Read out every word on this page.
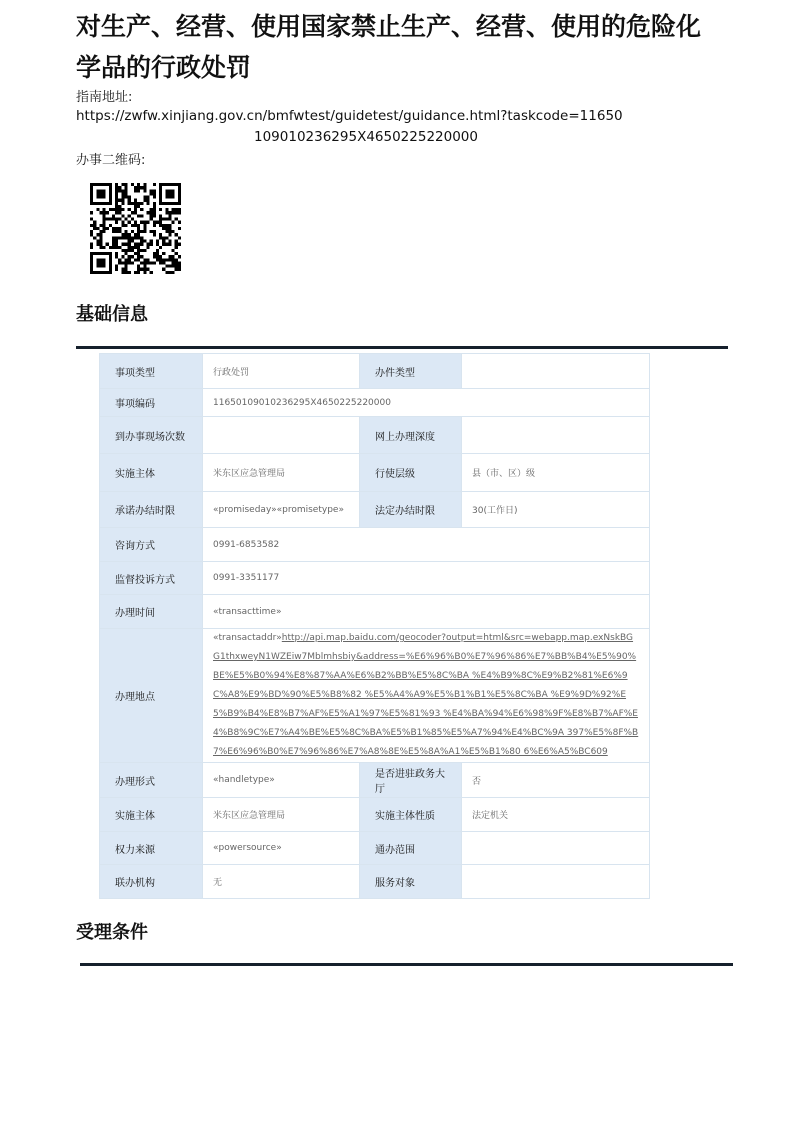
对生产、经营、使用国家禁止生产、经营、使用的危险化学品的行政处罚
指南地址:
https://zwfw.xinjiang.gov.cn/bmfwtest/guidetest/guidance.html?taskcode=11650
109010236295X4650225220000
办事二维码:
基础信息
事项类型	行政处罚	办件类型	
事项编码	11650109010236295X4650225220000		
到办事现场次数		网上办理深度	
实施主体	米东区应急管理局	行使层级	县（市、区）级
承诺办结时限	«promiseday»«promisetype»	法定办结时限	30(工作日)
咨询方式	0991-6853582		
监督投诉方式	0991-3351177		
办理时间	«transacttime»		
办理地点	«transactaddr»http://api.map.baidu.com/geocoder?output=html&src=webapp.map.exNskBGG1thxweyN1WZEiw7Mblmhsbiy&address=%E6%96%B0%E7%96%86%E7%BB%B4%E5%90%BE%E5%B0%94%E8%87%AA%E6%B2%BB%E5%8C%BA %E4%B9%8C%E9%B2%81%E6%9C%A8%E9%BD%90%E5%B8%82 %E5%A4%A9%E5%B1%B1%E5%8C%BA %E9%9D%92%E5%B9%B4%E8%B7%AF%E5%A1%97%E5%81%93 %E4%BA%94%E6%98%9F%E8%B7%AF%E4%B8%9C%E7%A4%BE%E5%8C%BA%E5%B1%85%E5%A7%94%E4%BC%9A 397%E5%8F%B7%E6%96%B0%E7%96%86%E7%A8%8E%E5%8A%A1%E5%B1%80 6%E6%A5%BC609		
办理形式	«handletype»	是否进驻政务大厅	否
实施主体	米东区应急管理局	实施主体性质	法定机关
权力来源	«powersource»	通办范围	
联办机构	无	服务对象	
受理条件
